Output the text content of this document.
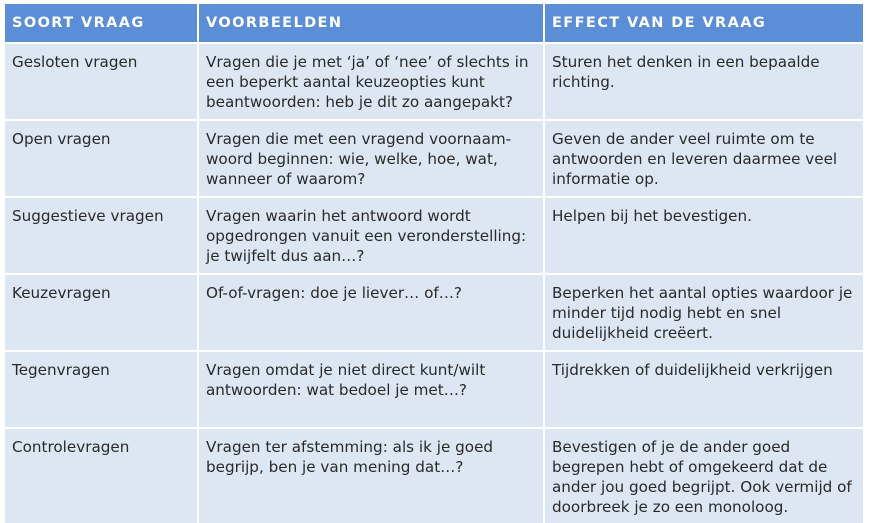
SOORT VRAAG	VOORBEELDEN	EFFECT VAN DE VRAAG
Gesloten vragen	Vragen die je met ‘ja’ of ‘nee’ of slechts in een beperkt aantal keuzeopties kunt beantwoorden: heb je dit zo aangepakt?	Sturen het denken in een bepaalde richting.
Open vragen	Vragen die met een vragend voornaamwoord beginnen: wie, welke, hoe, wat, wanneer of waarom?	Geven de ander veel ruimte om te antwoorden en leveren daarmee veel informatie op.
Suggestieve vragen	Vragen waarin het antwoord wordt opgedrongen vanuit een veronderstelling: je twijfelt dus aan…?	Helpen bij het bevestigen.
Keuzevragen	Of-of-vragen: doe je liever… of…?	Beperken het aantal opties waardoor je minder tijd nodig hebt en snel duidelijkheid creëert.
Tegenvragen	Vragen omdat je niet direct kunt/wilt antwoorden: wat bedoel je met…?	Tijdrekken of duidelijkheid verkrijgen
Controlevragen	Vragen ter afstemming: als ik je goed begrijp, ben je van mening dat…?	Bevestigen of je de ander goed begrepen hebt of omgekeerd dat de ander jou goed begrijpt. Ook vermijd of doorbreek je zo een monoloog.
